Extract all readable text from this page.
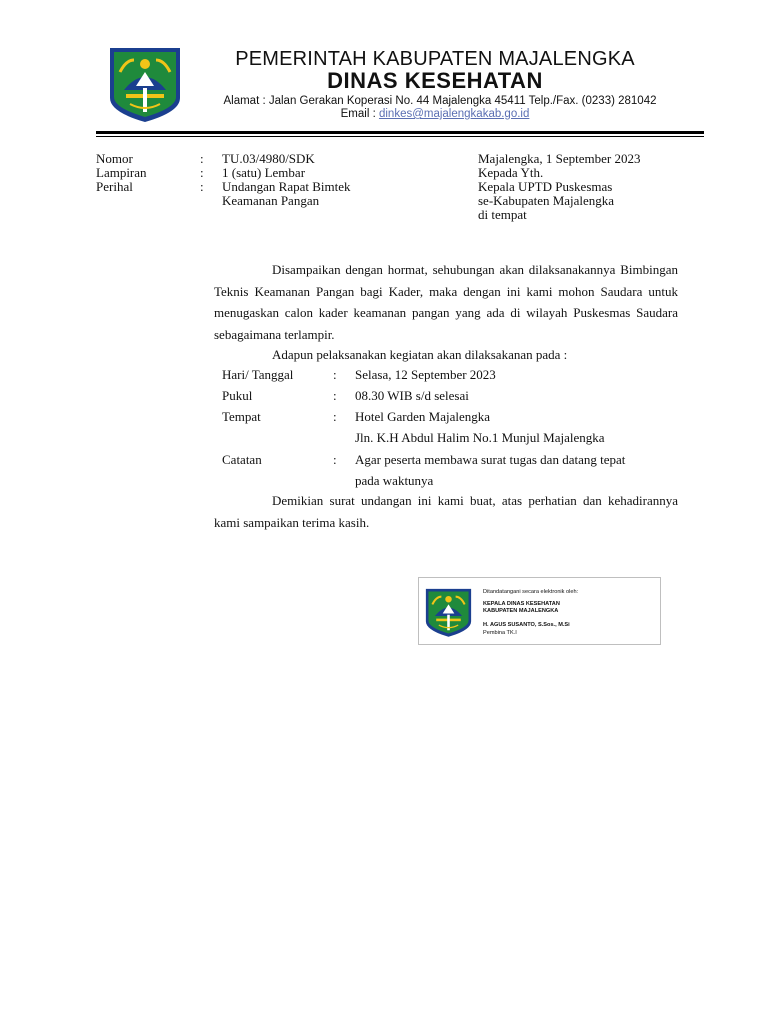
PEMERINTAH KABUPATEN MAJALENGKA
DINAS KESEHATAN
Alamat : Jalan Gerakan Koperasi No. 44 Majalengka 45411 Telp./Fax. (0233) 281042
Email : dinkes@majalengkakab.go.id
Nomor	: TU.03/4980/SDK
Lampiran	: 1 (satu) Lembar
Perihal	: Undangan Rapat Bimtek
Keamanan Pangan
Majalengka, 1 September 2023
Kepada Yth.
Kepala UPTD Puskesmas
se-Kabupaten Majalengka
di tempat
Disampaikan dengan hormat, sehubungan akan dilaksanakannya Bimbingan Teknis Keamanan Pangan bagi Kader, maka dengan ini kami mohon Saudara untuk menugaskan calon kader keamanan pangan yang ada di wilayah Puskesmas Saudara sebagaimana terlampir.
Adapun pelaksanakan kegiatan akan dilaksakanan pada :
Hari/ Tanggal	: Selasa, 12 September 2023
Pukul	: 08.30 WIB s/d selesai
Tempat	: Hotel Garden Majalengka
Jln. K.H Abdul Halim No.1 Munjul Majalengka
Catatan	: Agar peserta membawa surat tugas dan datang tepat
pada waktunya
Demikian surat undangan ini kami buat, atas perhatian dan kehadirannya kami sampaikan terima kasih.
Ditandatangani secara elektronik oleh:
KEPALA DINAS KESEHATAN
KABUPATEN MAJALENGKA
H. AGUS SUSANTO, S.Sos., M.Si
Pembina TK.I
